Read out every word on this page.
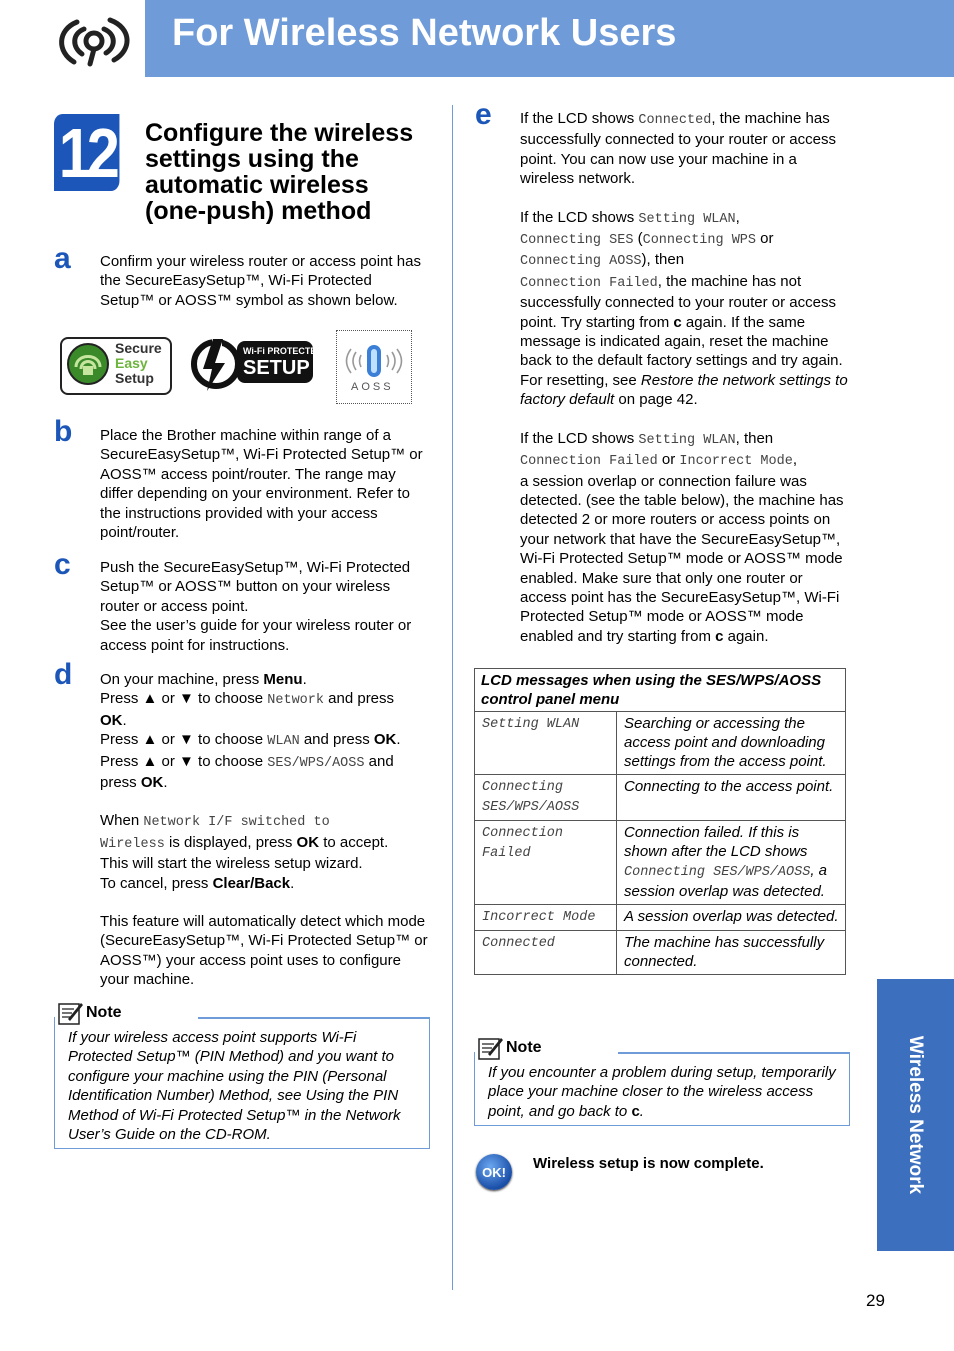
For Wireless Network Users
12 Configure the wireless settings using the automatic wireless (one-push) method
a Confirm your wireless router or access point has the SecureEasySetup™, Wi-Fi Protected Setup™ or AOSS™ symbol as shown below.
Secure
Easy
Setup
Wi-Fi PROTECTED
SETUP
AOSS
b Place the Brother machine within range of a SecureEasySetup™, Wi-Fi Protected Setup™ or AOSS™ access point/router. The range may differ depending on your environment. Refer to the instructions provided with your access point/router.
c Push the SecureEasySetup™, Wi-Fi Protected Setup™ or AOSS™ button on your wireless router or access point.
See the user’s guide for your wireless router or access point for instructions.
d On your machine, press Menu.
Press ▲ or ▼ to choose Network and press
OK.
Press ▲ or ▼ to choose WLAN and press OK.
Press ▲ or ▼ to choose SES/WPS/AOSS and
press OK.
When Network I/F switched to
Wireless is displayed, press OK to accept.
This will start the wireless setup wizard.
To cancel, press Clear/Back.
This feature will automatically detect which mode (SecureEasySetup™, Wi-Fi Protected Setup™ or AOSS™) your access point uses to configure your machine.
Note
If your wireless access point supports Wi-Fi Protected Setup™ (PIN Method) and you want to configure your machine using the PIN (Personal Identification Number) Method, see Using the PIN Method of Wi-Fi Protected Setup™ in the Network User’s Guide on the CD-ROM.
e If the LCD shows Connected, the machine has successfully connected to your router or access point. You can now use your machine in a wireless network.
If the LCD shows Setting WLAN,
Connecting SES (Connecting WPS or
Connecting AOSS), then
Connection Failed, the machine has not successfully connected to your router or access point. Try starting from c again. If the same message is indicated again, reset the machine back to the default factory settings and try again. For resetting, see Restore the network settings to factory default on page 42.
If the LCD shows Setting WLAN, then
Connection Failed or Incorrect Mode,
a session overlap or connection failure was detected. (see the table below), the machine has detected 2 or more routers or access points on your network that have the SecureEasySetup™, Wi-Fi Protected Setup™ mode or AOSS™ mode enabled. Make sure that only one router or access point has the SecureEasySetup™, Wi-Fi Protected Setup™ mode or AOSS™ mode enabled and try starting from c again.
LCD messages when using the SES/WPS/AOSS control panel menu	
Setting WLAN	Searching or accessing the access point and downloading settings from the access point.
Connecting SES/WPS/AOSS	Connecting to the access point.
Connection Failed	Connection failed. If this is shown after the LCD shows Connecting SES/WPS/AOSS, a session overlap was detected.
Incorrect Mode	A session overlap was detected.
Connected	The machine has successfully connected.
Note
If you encounter a problem during setup, temporarily place your machine closer to the wireless access point, and go back to c.
OK!	Wireless setup is now complete.	Wireless Network
29
